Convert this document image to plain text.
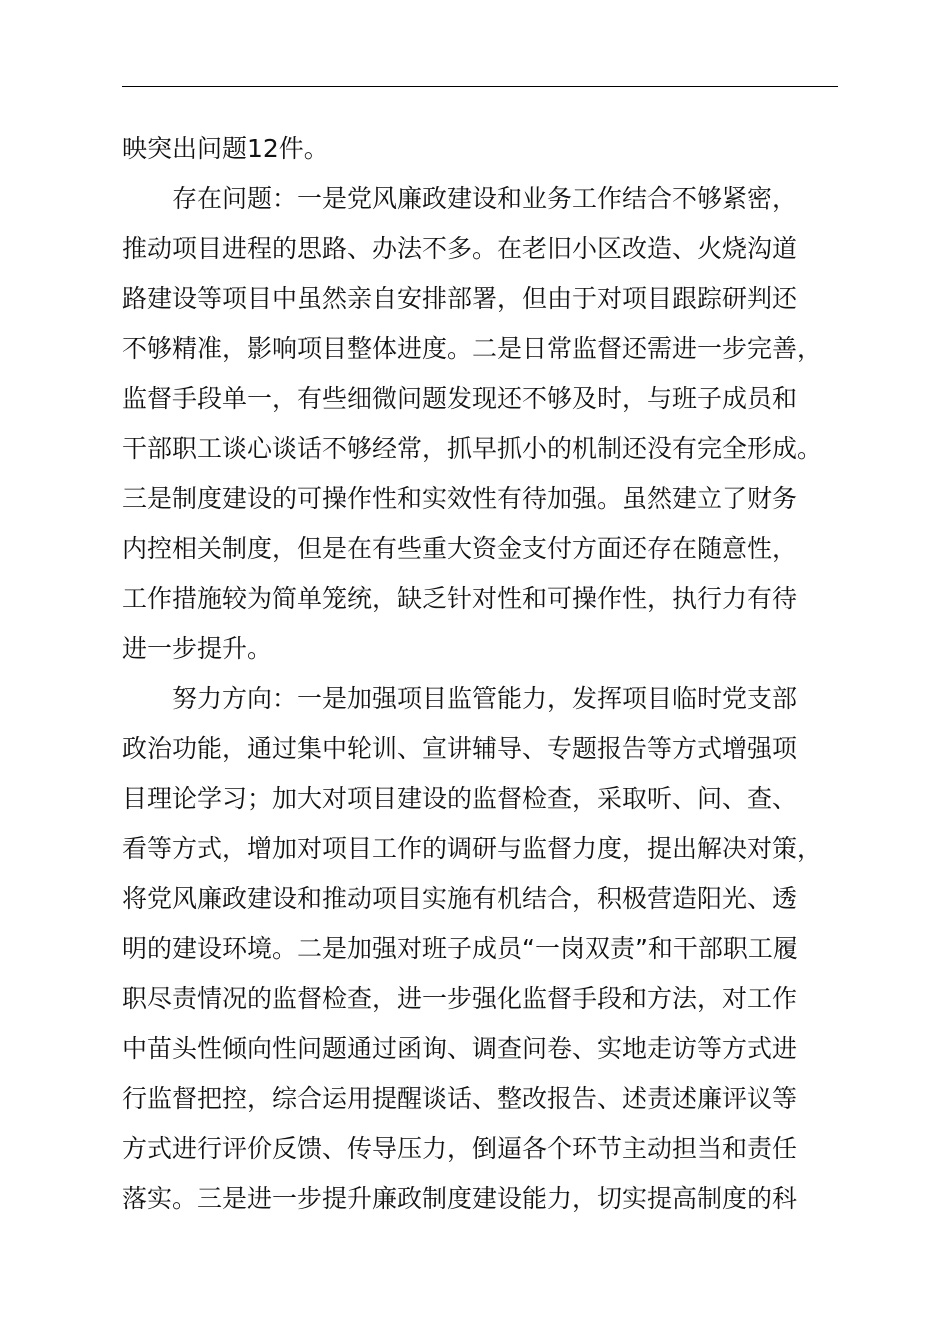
映突出问题12件。
存在问题：一是党风廉政建设和业务工作结合不够紧密，
推动项目进程的思路、办法不多。在老旧小区改造、火烧沟道
路建设等项目中虽然亲自安排部署，但由于对项目跟踪研判还
不够精准，影响项目整体进度。二是日常监督还需进一步完善，
监督手段单一，有些细微问题发现还不够及时，与班子成员和
干部职工谈心谈话不够经常，抓早抓小的机制还没有完全形成。
三是制度建设的可操作性和实效性有待加强。虽然建立了财务
内控相关制度，但是在有些重大资金支付方面还存在随意性，
工作措施较为简单笼统，缺乏针对性和可操作性，执行力有待
进一步提升。
努力方向：一是加强项目监管能力，发挥项目临时党支部
政治功能，通过集中轮训、宣讲辅导、专题报告等方式增强项
目理论学习；加大对项目建设的监督检查，采取听、问、查、
看等方式，增加对项目工作的调研与监督力度，提出解决对策，
将党风廉政建设和推动项目实施有机结合，积极营造阳光、透
明的建设环境。二是加强对班子成员“一岗双责”和干部职工履
职尽责情况的监督检查，进一步强化监督手段和方法，对工作
中苗头性倾向性问题通过函询、调查问卷、实地走访等方式进
行监督把控，综合运用提醒谈话、整改报告、述责述廉评议等
方式进行评价反馈、传导压力，倒逼各个环节主动担当和责任
落实。三是进一步提升廉政制度建设能力，切实提高制度的科
